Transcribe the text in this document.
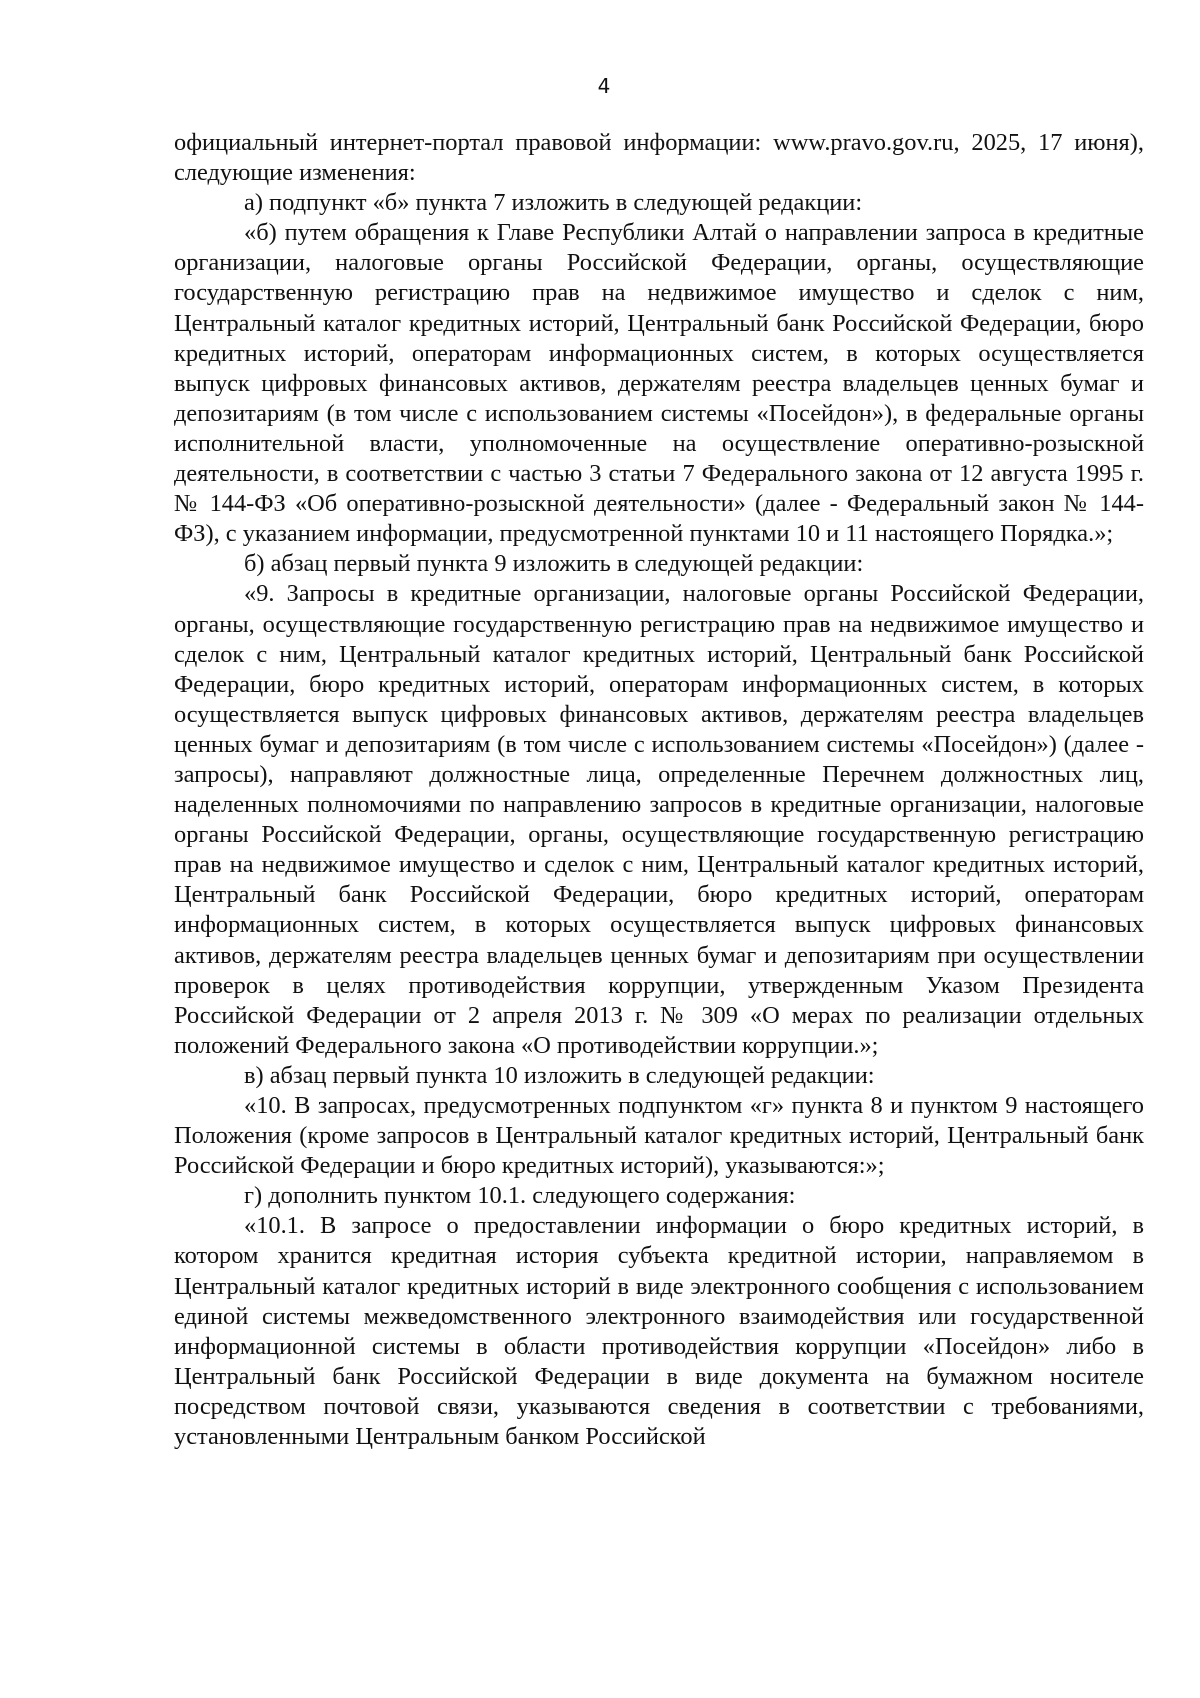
4

официальный интернет-портал правовой информации: www.pravo.gov.ru, 2025, 17 июня), следующие изменения:

а) подпункт «б» пункта 7 изложить в следующей редакции:

«б) путем обращения к Главе Республики Алтай о направлении запроса в кредитные организации, налоговые органы Российской Федерации, органы, осуществляющие государственную регистрацию прав на недвижимое имущество и сделок с ним, Центральный каталог кредитных историй, Центральный банк Российской Федерации, бюро кредитных историй, операторам информационных систем, в которых осуществляется выпуск цифровых финансовых активов, держателям реестра владельцев ценных бумаг и депозитариям (в том числе с использованием системы «Посейдон»), в федеральные органы исполнительной власти, уполномоченные на осуществление оперативно-розыскной деятельности, в соответствии с частью 3 статьи 7 Федерального закона от 12 августа 1995 г. № 144-ФЗ «Об оперативно-розыскной деятельности» (далее - Федеральный закон № 144-ФЗ), с указанием информации, предусмотренной пунктами 10 и 11 настоящего Порядка.»;

б) абзац первый пункта 9 изложить в следующей редакции:

«9. Запросы в кредитные организации, налоговые органы Российской Федерации, органы, осуществляющие государственную регистрацию прав на недвижимое имущество и сделок с ним, Центральный каталог кредитных историй, Центральный банк Российской Федерации, бюро кредитных историй, операторам информационных систем, в которых осуществляется выпуск цифровых финансовых активов, держателям реестра владельцев ценных бумаг и депозитариям (в том числе с использованием системы «Посейдон») (далее - запросы), направляют должностные лица, определенные Перечнем должностных лиц, наделенных полномочиями по направлению запросов в кредитные организации, налоговые органы Российской Федерации, органы, осуществляющие государственную регистрацию прав на недвижимое имущество и сделок с ним, Центральный каталог кредитных историй, Центральный банк Российской Федерации, бюро кредитных историй, операторам информационных систем, в которых осуществляется выпуск цифровых финансовых активов, держателям реестра владельцев ценных бумаг и депозитариям при осуществлении проверок в целях противодействия коррупции, утвержденным Указом Президента Российской Федерации от 2 апреля 2013 г. № 309 «О мерах по реализации отдельных положений Федерального закона «О противодействии коррупции.»;

в) абзац первый пункта 10 изложить в следующей редакции:

«10. В запросах, предусмотренных подпунктом «г» пункта 8 и пунктом 9 настоящего Положения (кроме запросов в Центральный каталог кредитных историй, Центральный банк Российской Федерации и бюро кредитных историй), указываются:»;

г) дополнить пунктом 10.1. следующего содержания:

«10.1. В запросе о предоставлении информации о бюро кредитных историй, в котором хранится кредитная история субъекта кредитной истории, направляемом в Центральный каталог кредитных историй в виде электронного сообщения с использованием единой системы межведомственного электронного взаимодействия или государственной информационной системы в области противодействия коррупции «Посейдон» либо в Центральный банк Российской Федерации в виде документа на бумажном носителе посредством почтовой связи, указываются сведения в соответствии с требованиями, установленными Центральным банком Российской
